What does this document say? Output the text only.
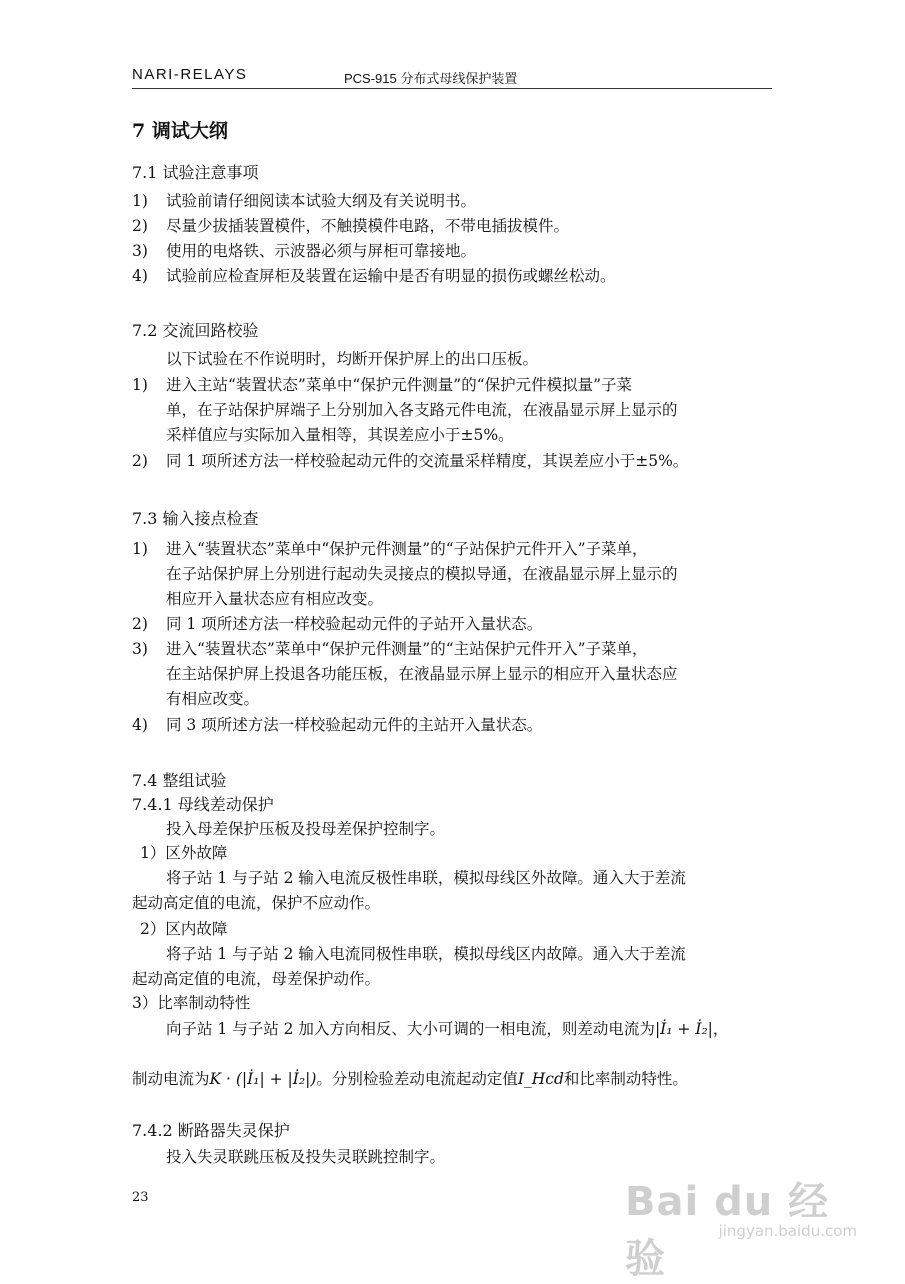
NARI-RELAYS	PCS-915 分布式母线保护装置
7 调试大纲
7.1 试验注意事项
1) 试验前请仔细阅读本试验大纲及有关说明书。
2) 尽量少拔插装置模件，不触摸模件电路，不带电插拔模件。
3) 使用的电烙铁、示波器必须与屏柜可靠接地。
4) 试验前应检查屏柜及装置在运输中是否有明显的损伤或螺丝松动。
7.2 交流回路校验
以下试验在不作说明时，均断开保护屏上的出口压板。
1) 进入主站“装置状态”菜单中“保护元件测量”的“保护元件模拟量”子菜
单，在子站保护屏端子上分别加入各支路元件电流，在液晶显示屏上显示的
采样值应与实际加入量相等，其误差应小于±5%。
2) 同 1 项所述方法一样校验起动元件的交流量采样精度，其误差应小于±5%。
7.3 输入接点检查
1) 进入“装置状态”菜单中“保护元件测量”的“子站保护元件开入”子菜单，
在子站保护屏上分别进行起动失灵接点的模拟导通，在液晶显示屏上显示的
相应开入量状态应有相应改变。
2) 同 1 项所述方法一样校验起动元件的子站开入量状态。
3) 进入“装置状态”菜单中“保护元件测量”的“主站保护元件开入”子菜单，
在主站保护屏上投退各功能压板，在液晶显示屏上显示的相应开入量状态应
有相应改变。
4) 同 3 项所述方法一样校验起动元件的主站开入量状态。
7.4 整组试验
7.4.1 母线差动保护
投入母差保护压板及投母差保护控制字。
1）区外故障
将子站 1 与子站 2 输入电流反极性串联，模拟母线区外故障。通入大于差流
起动高定值的电流，保护不应动作。
2）区内故障
将子站 1 与子站 2 输入电流同极性串联，模拟母线区内故障。通入大于差流
起动高定值的电流，母差保护动作。
3）比率制动特性
向子站 1 与子站 2 加入方向相反、大小可调的一相电流，则差动电流为|İ₁ + İ₂|，
制动电流为K · (|İ₁| + |İ₂|)。分别检验差动电流起动定值I_Hcd和比率制动特性。
7.4.2 断路器失灵保护
投入失灵联跳压板及投失灵联跳控制字。
23	Bai du 经验
jingyan.baidu.com
